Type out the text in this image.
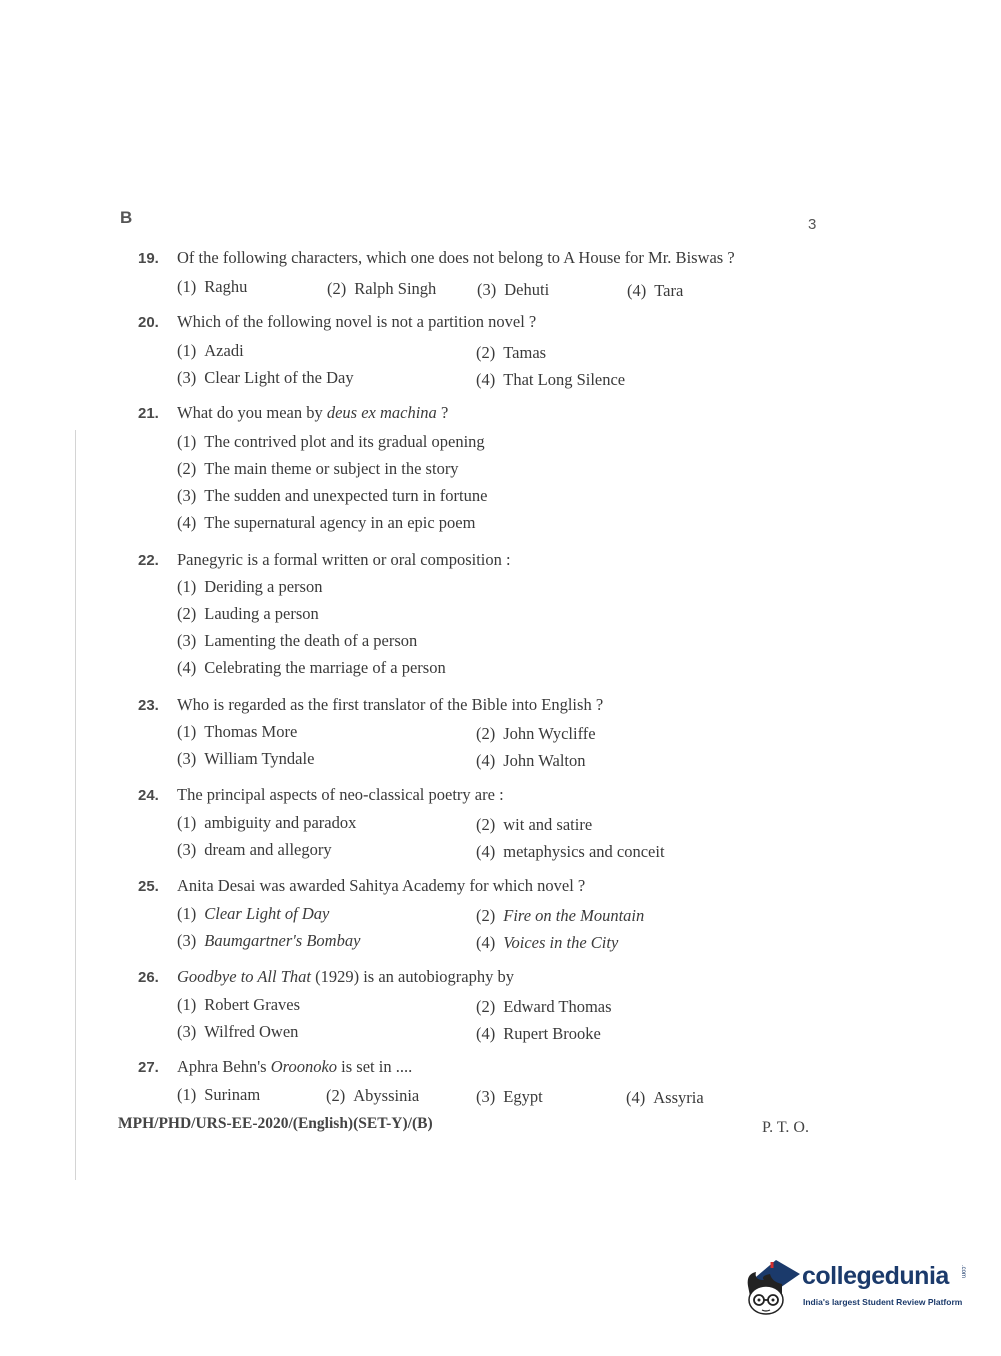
B	3
19. Of the following characters, which one does not belong to A House for Mr. Biswas ?
(1) Raghu	(2) Ralph Singh (3) Dehuti	(4) Tara
20. Which of the following novel is not a partition novel ?
(1) Azadi	(2) Tamas
(3) Clear Light of the Day	(4) That Long Silence
21. What do you mean by deus ex machina ?
(1) The contrived plot and its gradual opening
(2) The main theme or subject in the story
(3) The sudden and unexpected turn in fortune
(4) The supernatural agency in an epic poem
22. Panegyric is a formal written or oral composition :
(1) Deriding a person
(2) Lauding a person
(3) Lamenting the death of a person
(4) Celebrating the marriage of a person
23. Who is regarded as the first translator of the Bible into English ?
(1) Thomas More	(2) John Wycliffe
(3) William Tyndale	(4) John Walton
24. The principal aspects of neo-classical poetry are :
(1) ambiguity and paradox	(2) wit and satire
(3) dream and allegory	(4) metaphysics and conceit
25. Anita Desai was awarded Sahitya Academy for which novel ?
(1) Clear Light of Day	(2) Fire on the Mountain
(3) Baumgartner's Bombay	(4) Voices in the City
26. Goodbye to All That (1929) is an autobiography by
(1) Robert Graves	(2) Edward Thomas
(3) Wilfred Owen	(4) Rupert Brooke
27. Aphra Behn's Oroonoko is set in ....
(1) Surinam	(2) Abyssinia	(3) Egypt	(4) Assyria
MPH/PHD/URS-EE-2020/(English)(SET-Y)/(B)	P. T. O.
collegedunia .com
India's largest Student Review Platform
